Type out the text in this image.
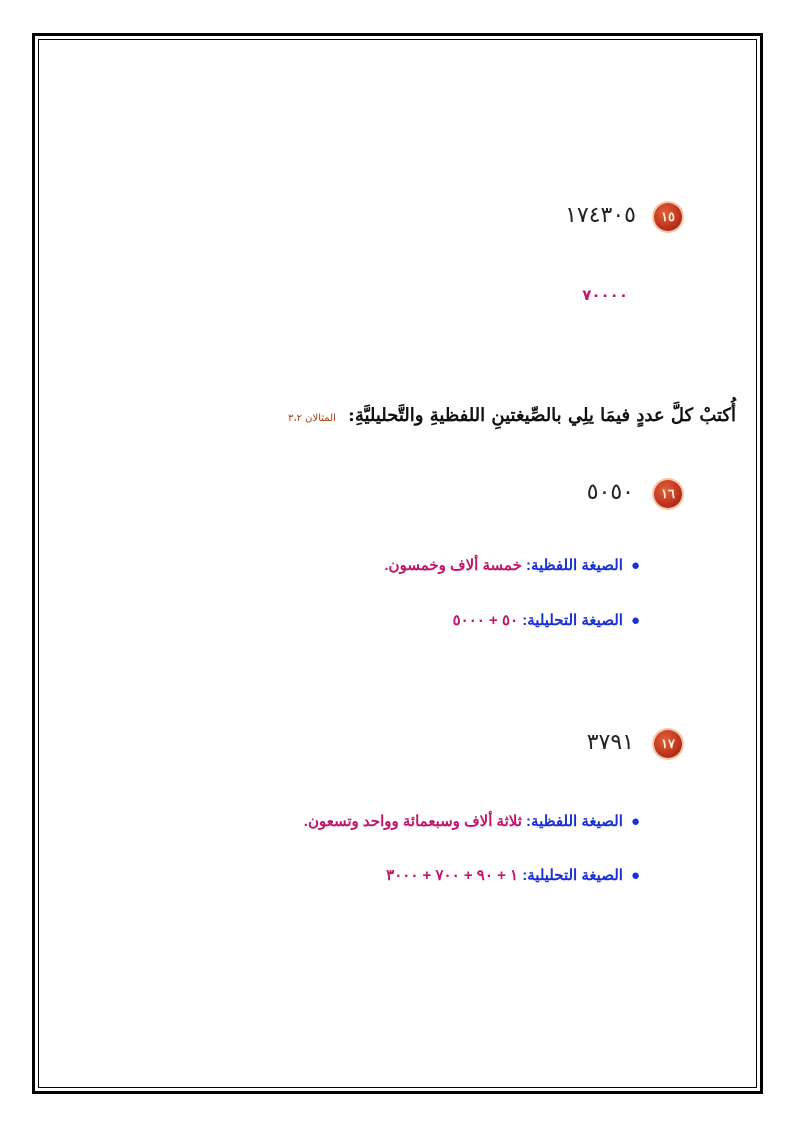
١٥
١٧٤٣٠٥
٧٠٠٠٠
أُكتبْ كلَّ عددٍ فيمَا يلِي بالصِّيغتينِ اللفظيةِ والتَّحليليَّةِ: المثالان ٣،٢
١٦
٥٠٥٠
●الصيغة اللفظية: خمسة ألاف وخمسون.
●الصيغة التحليلية: ٥٠ + ٥٠٠٠
١٧
٣٧٩١
●الصيغة اللفظية: ثلاثة ألاف وسبعمائة وواحد وتسعون.
●الصيغة التحليلية: ١ + ٩٠ + ٧٠٠ + ٣٠٠٠
